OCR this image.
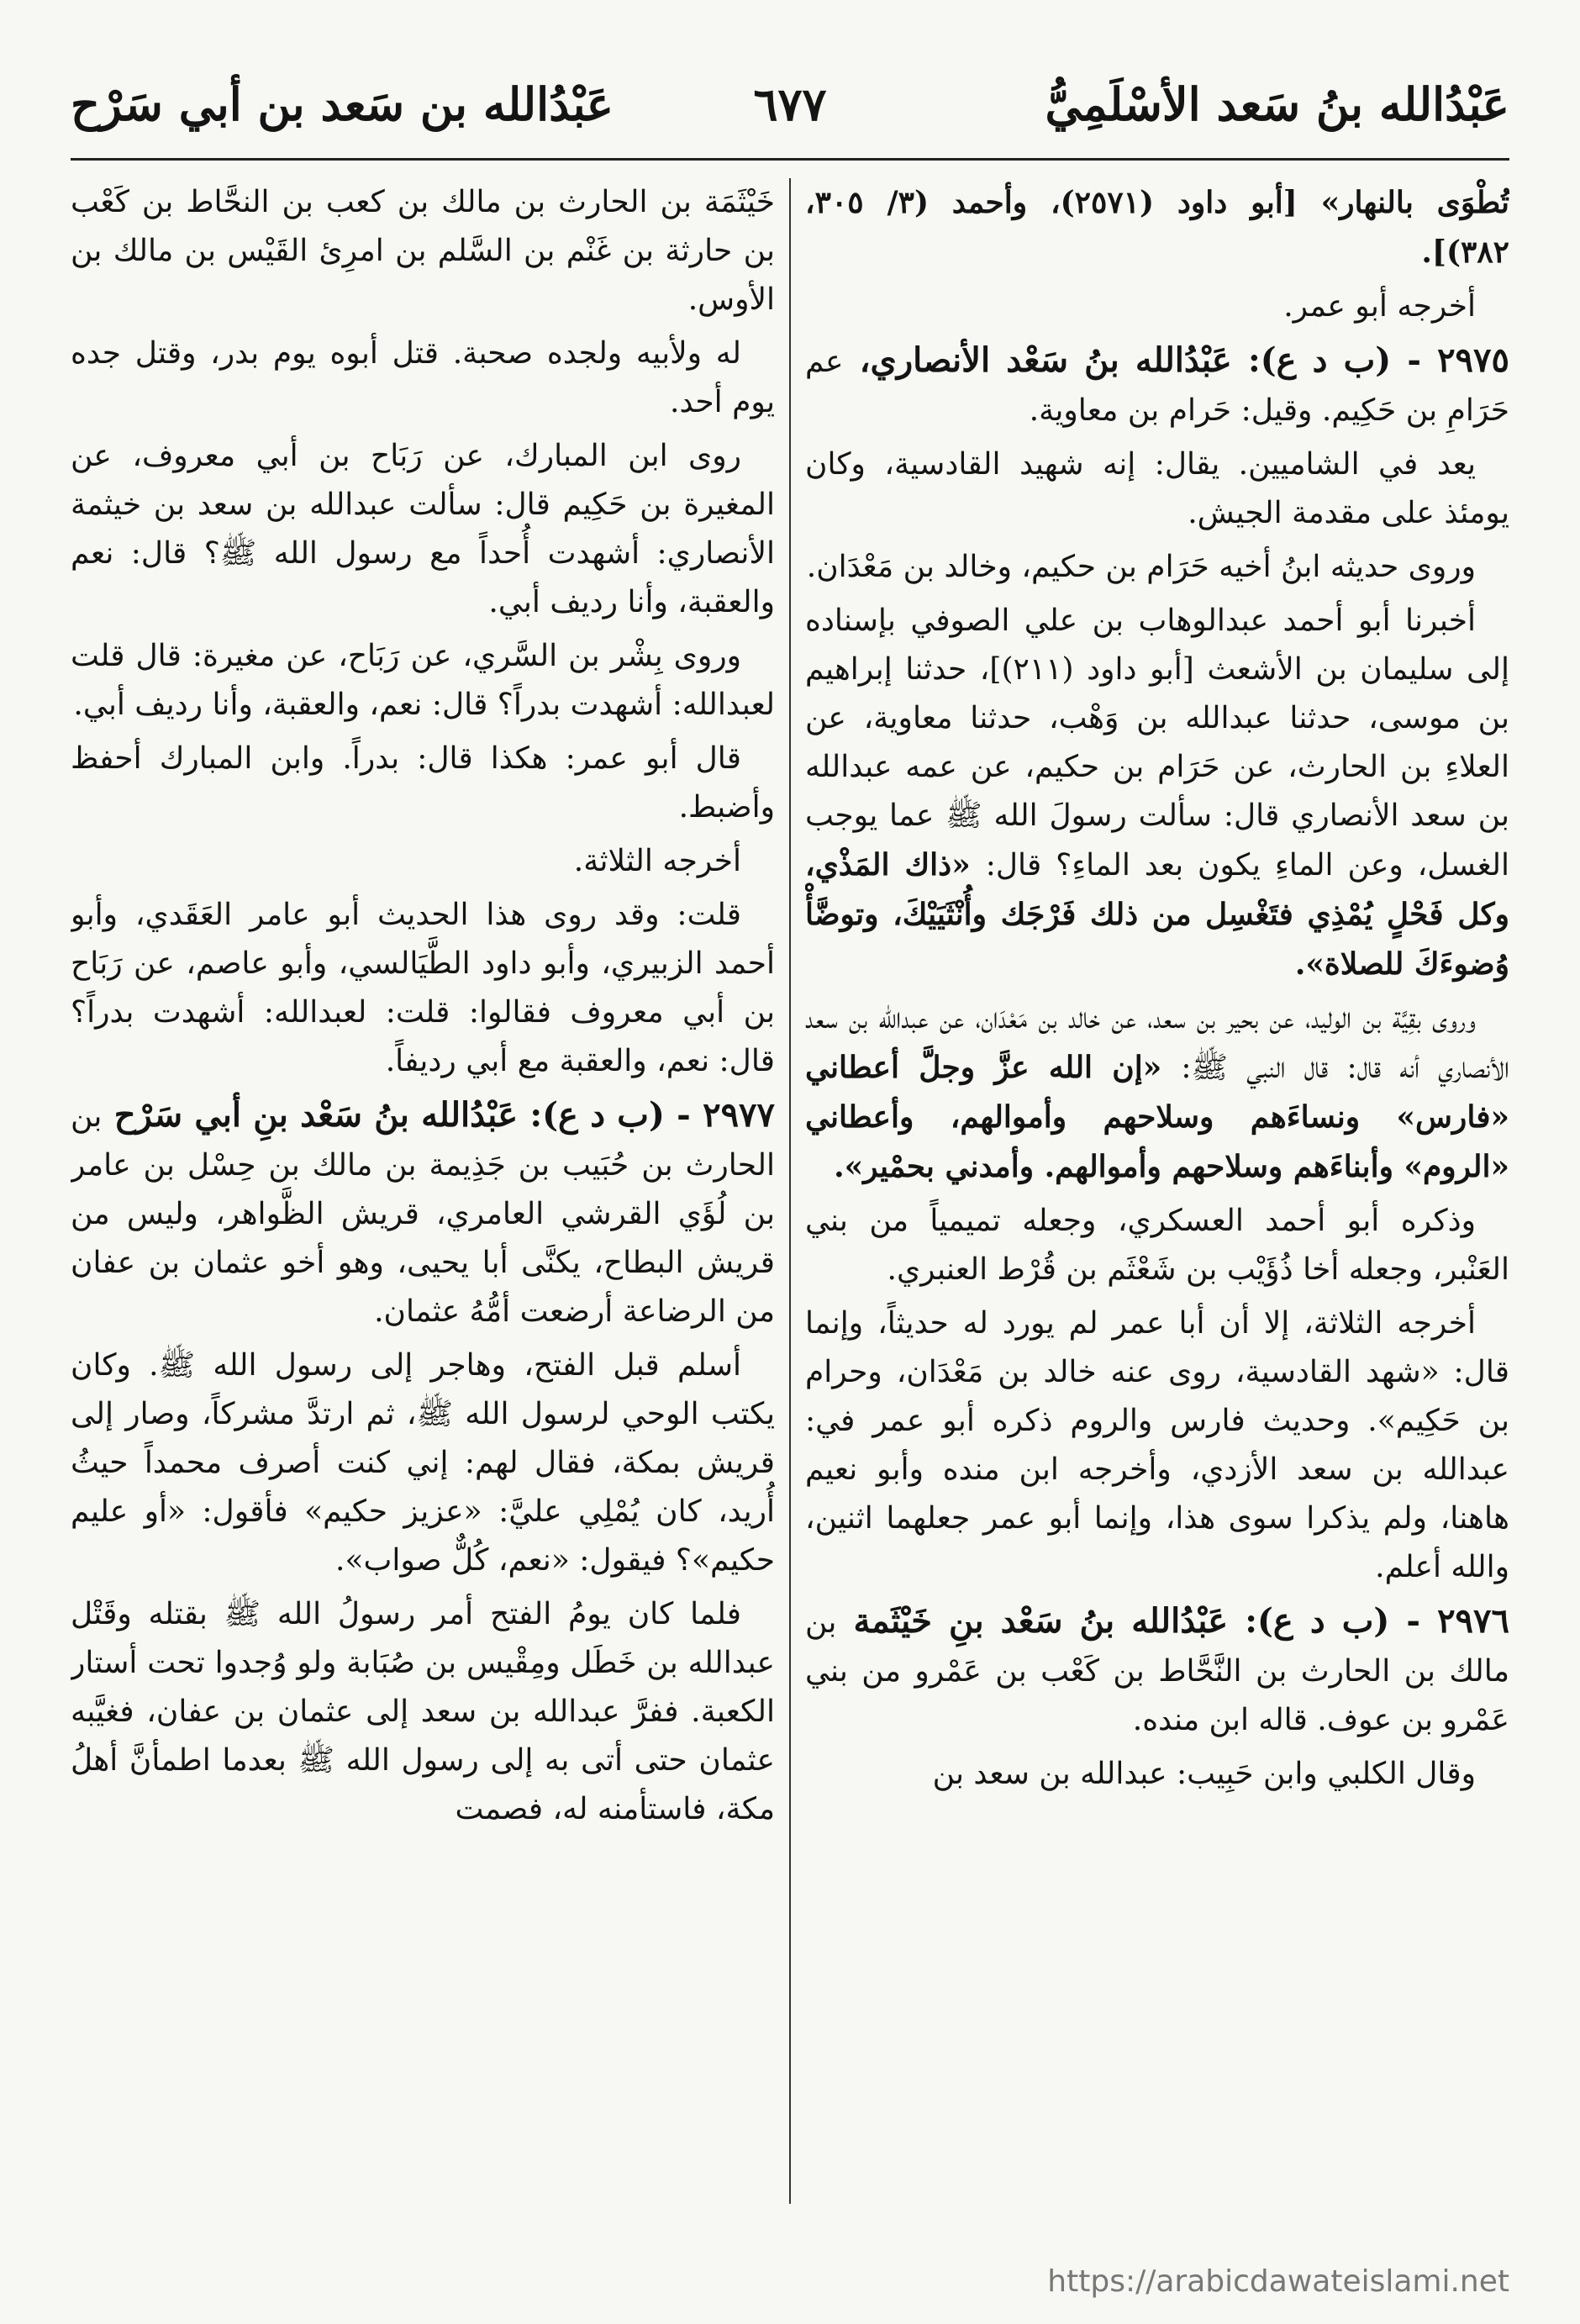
عَبْدُالله بنُ سَعد الأسْلَمِيُّ
٦٧٧
عَبْدُالله بن سَعد بن أبي سَرْح

تُطْوَى بالنهار» [أبو داود (٢٥٧١)، وأحمد (٣/ ٣٠٥، ٣٨٢)].

أخرجه أبو عمر.

٢٩٧٥ - (ب د ع): عَبْدُالله بنُ سَعْد الأنصاري، عم حَرَامِ بن حَكِيم. وقيل: حَرام بن معاوية.

يعد في الشاميين. يقال: إنه شهيد القادسية، وكان يومئذ على مقدمة الجيش.

وروى حديثه ابنُ أخيه حَرَام بن حكيم، وخالد بن مَعْدَان.

أخبرنا أبو أحمد عبدالوهاب بن علي الصوفي بإسناده إلى سليمان بن الأشعث [أبو داود (٢١١)]، حدثنا إبراهيم بن موسى، حدثنا عبدالله بن وَهْب، حدثنا معاوية، عن العلاءِ بن الحارث، عن حَرَام بن حكيم، عن عمه عبدالله بن سعد الأنصاري قال: سألت رسولَ الله ﷺ عما يوجب الغسل، وعن الماءِ يكون بعد الماءِ؟ قال: «ذاك المَذْي، وكل فَحْلٍ يُمْذِي فتَغْسِل من ذلك فَرْجَك وأُنْثَيَيْكَ، وتوضَّأْ وُضوءَكَ للصلاة».

وروى بقِيَّة بن الوليد، عن بحير بن سعد، عن خالد بن مَعْدَان، عن عبدالله بن سعد الأنصاري أنه قال: قال النبي ﷺ: «إن الله عزَّ وجلَّ أعطاني «فارس» ونساءَهم وسلاحهم وأموالهم، وأعطاني «الروم» وأبناءَهم وسلاحهم وأموالهم. وأمدني بحمْير».

وذكره أبو أحمد العسكري، وجعله تميمياً من بني العَنْبر، وجعله أخا ذُؤَيْب بن شَعْثَم بن قُرْط العنبري.

أخرجه الثلاثة، إلا أن أبا عمر لم يورد له حديثاً، وإنما قال: «شهد القادسية، روى عنه خالد بن مَعْدَان، وحرام بن حَكِيم». وحديث فارس والروم ذكره أبو عمر في: عبدالله بن سعد الأزدي، وأخرجه ابن منده وأبو نعيم هاهنا، ولم يذكرا سوى هذا، وإنما أبو عمر جعلهما اثنين، والله أعلم.

٢٩٧٦ - (ب د ع): عَبْدُالله بنُ سَعْد بنِ خَيْثَمة بن مالك بن الحارث بن النَّحَّاط بن كَعْب بن عَمْرو من بني عَمْرو بن عوف. قاله ابن منده.

وقال الكلبي وابن حَبِيب: عبدالله بن سعد بن

خَيْثَمَة بن الحارث بن مالك بن كعب بن النحَّاط بن كَعْب بن حارثة بن غَنْم بن السَّلم بن امرِئ القَيْس بن مالك بن الأوس.

له ولأبيه ولجده صحبة. قتل أبوه يوم بدر، وقتل جده يوم أحد.

روى ابن المبارك، عن رَبَاح بن أبي معروف، عن المغيرة بن حَكِيم قال: سألت عبدالله بن سعد بن خيثمة الأنصاري: أشهدت أُحداً مع رسول الله ﷺ؟ قال: نعم والعقبة، وأنا رديف أبي.

وروى بِشْر بن السَّري، عن رَبَاح، عن مغيرة: قال قلت لعبدالله: أشهدت بدراً؟ قال: نعم، والعقبة، وأنا رديف أبي.

قال أبو عمر: هكذا قال: بدراً. وابن المبارك أحفظ وأضبط.

أخرجه الثلاثة.

قلت: وقد روى هذا الحديث أبو عامر العَقَدي، وأبو أحمد الزبيري، وأبو داود الطَّيَالسي، وأبو عاصم، عن رَبَاح بن أبي معروف فقالوا: قلت: لعبدالله: أشهدت بدراً؟ قال: نعم، والعقبة مع أبي رديفاً.

٢٩٧٧ - (ب د ع): عَبْدُالله بنُ سَعْد بنِ أبي سَرْح بن الحارث بن حُبَيب بن جَذِيمة بن مالك بن حِسْل بن عامر بن لُؤَي القرشي العامري، قريش الظَّواهر، وليس من قريش البطاح، يكنَّى أبا يحيى، وهو أخو عثمان بن عفان من الرضاعة أرضعت أمُّهُ عثمان.

أسلم قبل الفتح، وهاجر إلى رسول الله ﷺ. وكان يكتب الوحي لرسول الله ﷺ، ثم ارتدَّ مشركاً، وصار إلى قريش بمكة، فقال لهم: إني كنت أصرف محمداً حيثُ أُريد، كان يُمْلِي عليَّ: «عزيز حكيم» فأقول: «أو عليم حكيم»؟ فيقول: «نعم، كُلٌّ صواب».

فلما كان يومُ الفتح أمر رسولُ الله ﷺ بقتله وقَتْل عبدالله بن خَطَل ومِقْيس بن صُبَابة ولو وُجدوا تحت أستار الكعبة. ففرَّ عبدالله بن سعد إلى عثمان بن عفان، فغيَّبه عثمان حتى أتى به إلى رسول الله ﷺ بعدما اطمأنَّ أهلُ مكة، فاستأمنه له، فصمت

https://arabicdawateislami.net
